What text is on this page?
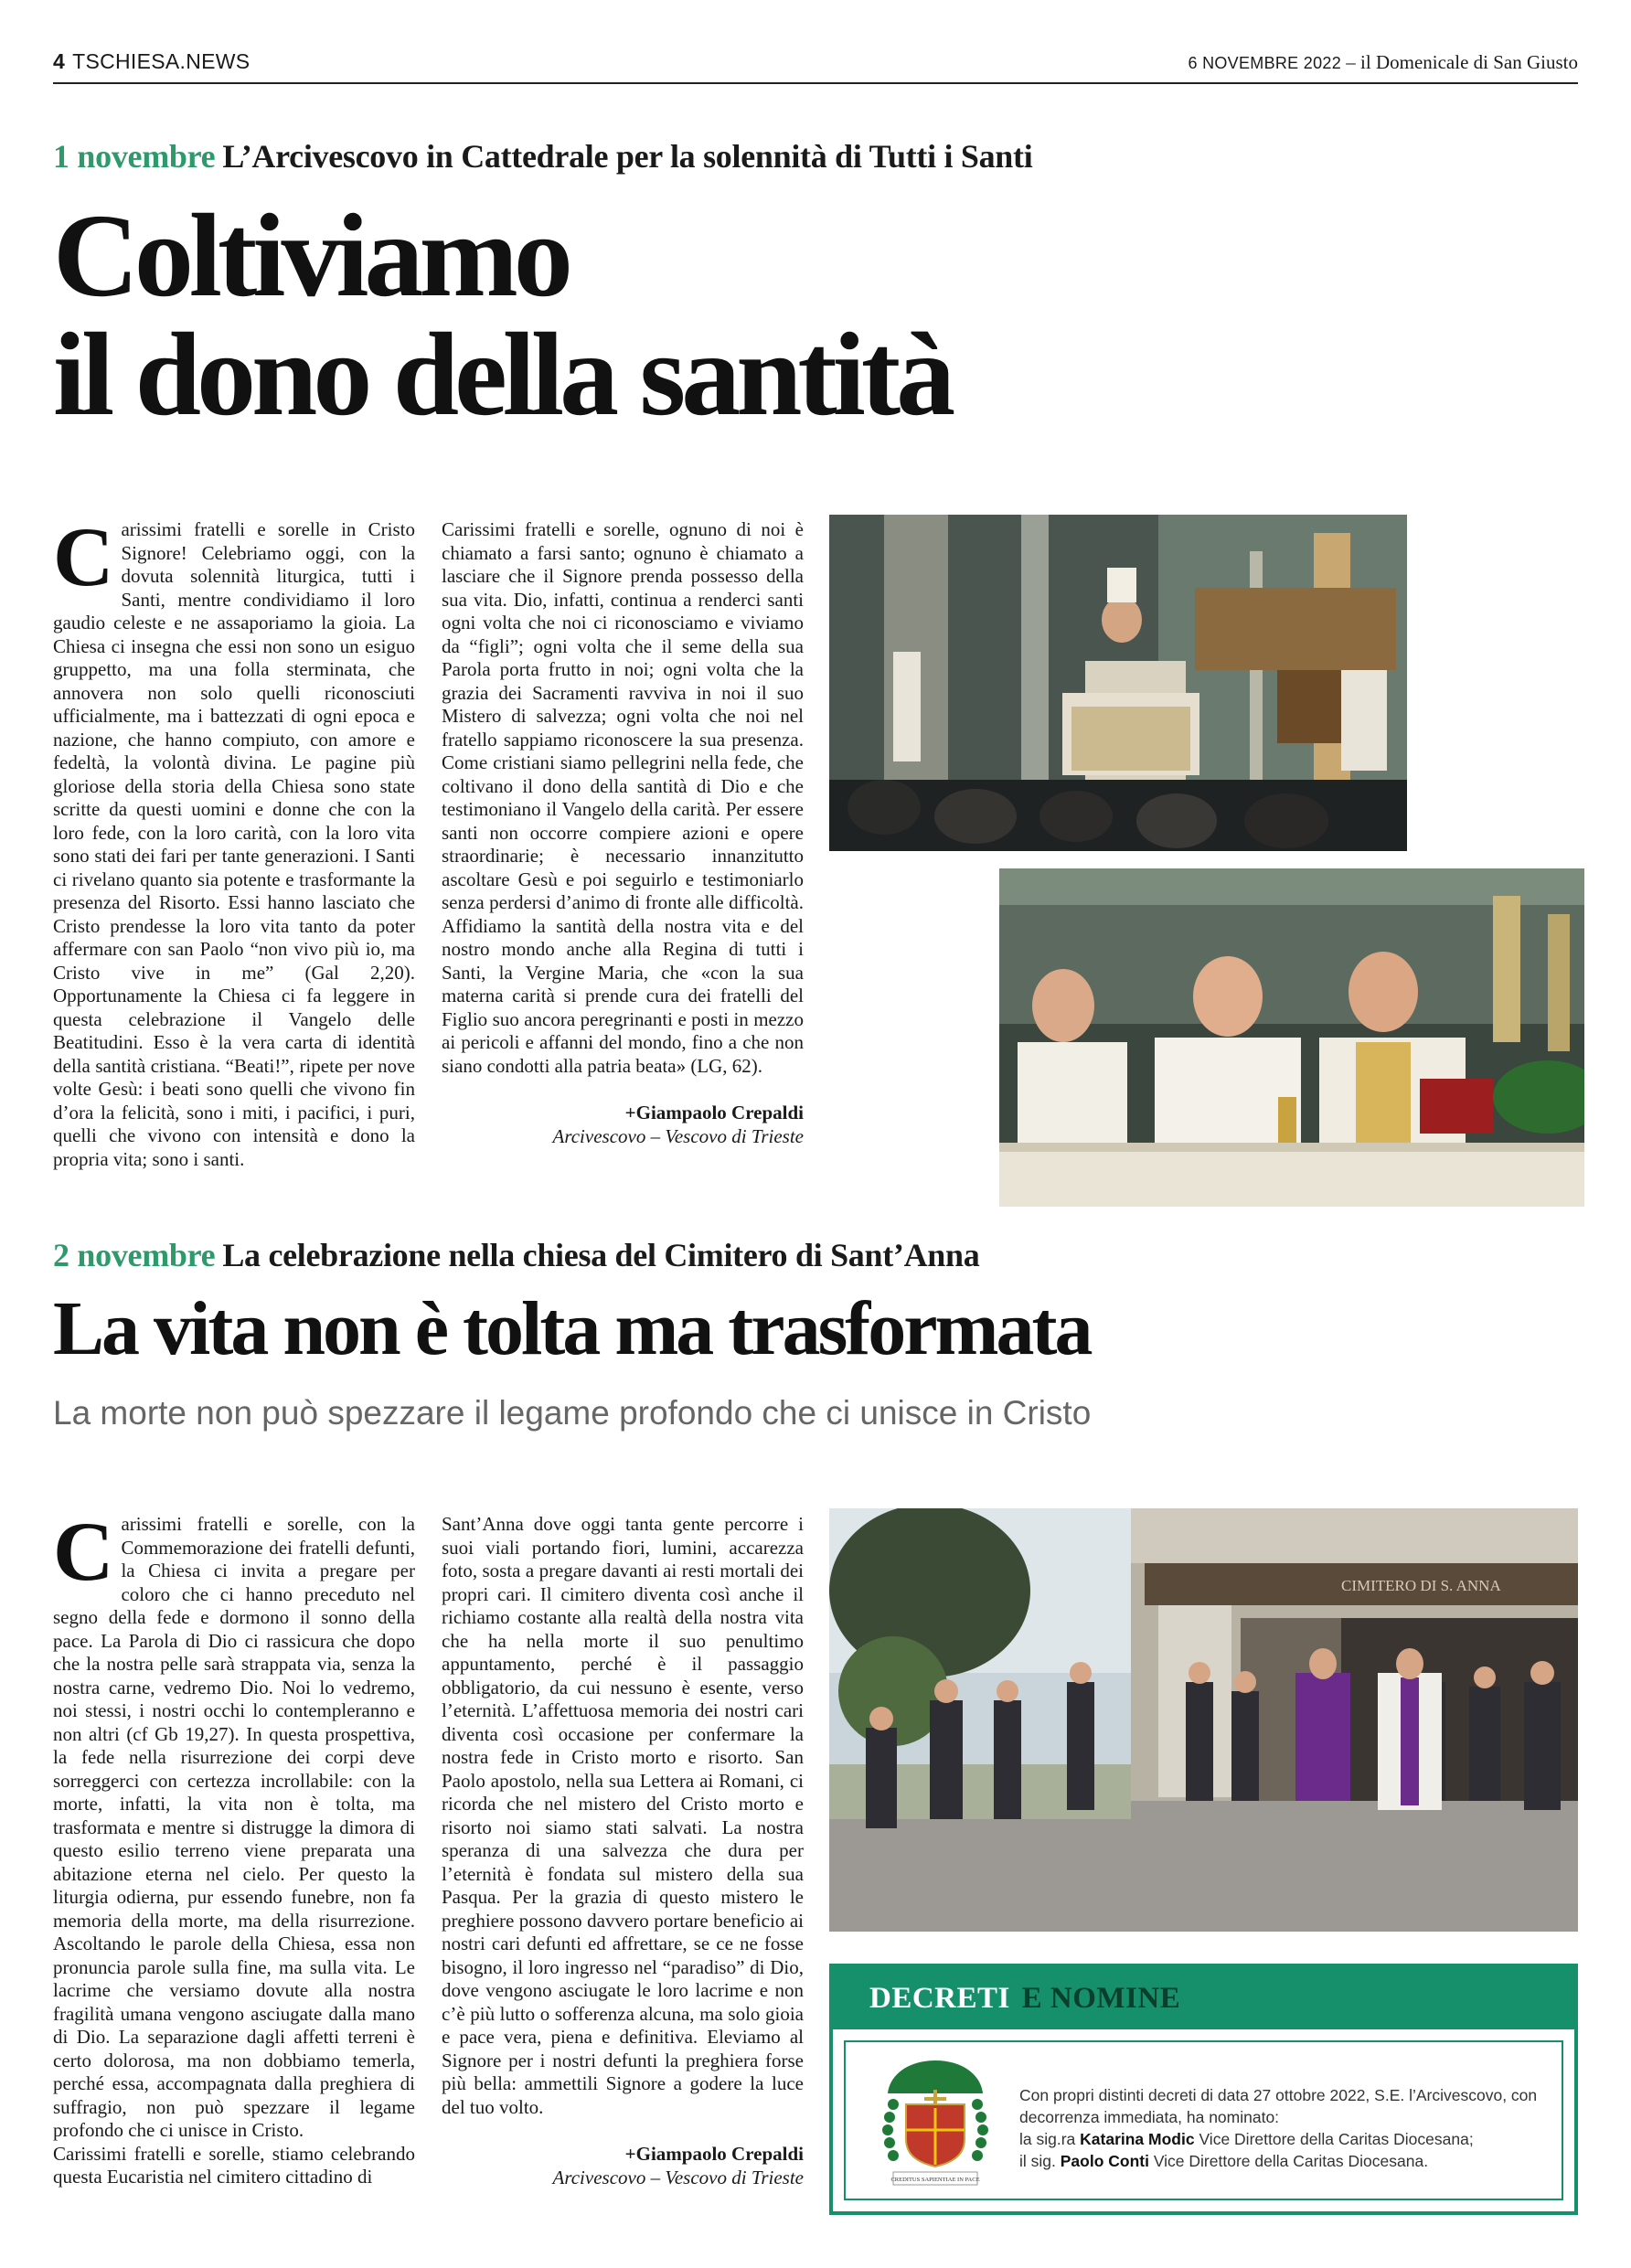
4 TSCHIESA.NEWS	6 NOVEMBRE 2022 – il Domenicale di San Giusto
1 novembre L’Arcivescovo in Cattedrale per la solennità di Tutti i Santi
Coltiviamo
il dono della santità
C arissimi fratelli e sorelle in Cristo Signore! Celebriamo oggi, con la dovuta solennità liturgica, tutti i Santi, mentre condividiamo il loro gaudio celeste e ne assaporiamo la gioia. La Chiesa ci insegna che essi non sono un esiguo gruppetto, ma una folla sterminata, che annovera non solo quelli riconosciuti ufficialmente, ma i battezzati di ogni epoca e nazione, che hanno compiuto, con amore e fedeltà, la volontà divina. Le pagine più gloriose della storia della Chiesa sono state scritte da questi uomini e donne che con la loro fede, con la loro carità, con la loro vita sono stati dei fari per tante generazioni. I Santi ci rivelano quanto sia potente e trasformante la presenza del Risorto. Essi hanno lasciato che Cristo prendesse la loro vita tanto da poter affermare con san Paolo “non vivo più io, ma Cristo vive in me” (Gal 2,20). Opportunamente la Chiesa ci fa leggere in questa celebrazione il Vangelo delle Beatitudini. Esso è la vera carta di identità della santità cristiana. “Beati!”, ripete per nove volte Gesù: i beati sono quelli che vivono fin d’ora la felicità, sono i miti, i pacifici, i puri, quelli che vivono con intensità e dono la propria vita; sono i santi.

Carissimi fratelli e sorelle, ognuno di noi è chiamato a farsi santo; ognuno è chiamato a lasciare che il Signore prenda possesso della sua vita. Dio, infatti, continua a renderci santi ogni volta che noi ci riconosciamo e viviamo da “figli”; ogni volta che il seme della sua Parola porta frutto in noi; ogni volta che la grazia dei Sacramenti ravviva in noi il suo Mistero di salvezza; ogni volta che noi nel fratello sappiamo riconoscere la sua presenza. Come cristiani siamo pellegrini nella fede, che coltivano il dono della santità di Dio e che testimoniano il Vangelo della carità. Per essere santi non occorre compiere azioni e opere straordinarie; è necessario innanzitutto ascoltare Gesù e poi seguirlo e testimoniarlo senza perdersi d’animo di fronte alle difficoltà. Affidiamo la santità della nostra vita e del nostro mondo anche alla Regina di tutti i Santi, la Vergine Maria, che «con la sua materna carità si prende cura dei fratelli del Figlio suo ancora peregrinanti e posti in mezzo ai pericoli e affanni del mondo, fino a che non siano condotti alla patria beata» (LG, 62).

+Giampaolo Crepaldi
Arcivescovo – Vescovo di Trieste
2 novembre La celebrazione nella chiesa del Cimitero di Sant’Anna
La vita non è tolta ma trasformata
La morte non può spezzare il legame profondo che ci unisce in Cristo
C arissimi fratelli e sorelle, con la Commemorazione dei fratelli defunti, la Chiesa ci invita a pregare per coloro che ci hanno preceduto nel segno della fede e dormono il sonno della pace. La Parola di Dio ci rassicura che dopo che la nostra pelle sarà strappata via, senza la nostra carne, vedremo Dio. Noi lo vedremo, noi stessi, i nostri occhi lo contempleranno e non altri (cf Gb 19,27). In questa prospettiva, la fede nella risurrezione dei corpi deve sorreggerci con certezza incrollabile: con la morte, infatti, la vita non è tolta, ma trasformata e mentre si distrugge la dimora di questo esilio terreno viene preparata una abitazione eterna nel cielo. Per questo la liturgia odierna, pur essendo funebre, non fa memoria della morte, ma della risurrezione. Ascoltando le parole della Chiesa, essa non pronuncia parole sulla fine, ma sulla vita. Le lacrime che versiamo dovute alla nostra fragilità umana vengono asciugate dalla mano di Dio. La separazione dagli affetti terreni è certo dolorosa, ma non dobbiamo temerla, perché essa, accompagnata dalla preghiera di suffragio, non può spezzare il legame profondo che ci unisce in Cristo.

Carissimi fratelli e sorelle, stiamo celebrando questa Eucaristia nel cimitero cittadino di

Sant’Anna dove oggi tanta gente percorre i suoi viali portando fiori, lumini, accarezza foto, sosta a pregare davanti ai resti mortali dei propri cari. Il cimitero diventa così anche il richiamo costante alla realtà della nostra vita che ha nella morte il suo penultimo appuntamento, perché è il passaggio obbligatorio, da cui nessuno è esente, verso l’eternità. L’affettuosa memoria dei nostri cari diventa così occasione per confermare la nostra fede in Cristo morto e risorto. San Paolo apostolo, nella sua Lettera ai Romani, ci ricorda che nel mistero del Cristo morto e risorto noi siamo stati salvati. La nostra speranza di una salvezza che dura per l’eternità è fondata sul mistero della sua Pasqua. Per la grazia di questo mistero le preghiere possono davvero portare beneficio ai nostri cari defunti ed affrettare, se ce ne fosse bisogno, il loro ingresso nel “paradiso” di Dio, dove vengono asciugate le loro lacrime e non c’è più lutto o sofferenza alcuna, ma solo gioia e pace vera, piena e definitiva. Eleviamo al Signore per i nostri defunti la preghiera forse più bella: ammettili Signore a godere la luce del tuo volto.

+Giampaolo Crepaldi
Arcivescovo – Vescovo di Trieste
CIMITERO DI S. ANNA
DECRETI E NOMINE
CREDITUS SAPIENTIAE IN PACE
Con propri distinti decreti di data 27 ottobre 2022, S.E. l’Arcivescovo, con decorrenza immediata, ha nominato:
la sig.ra Katarina Modic Vice Direttore della Caritas Diocesana;
il sig. Paolo Conti Vice Direttore della Caritas Diocesana.
